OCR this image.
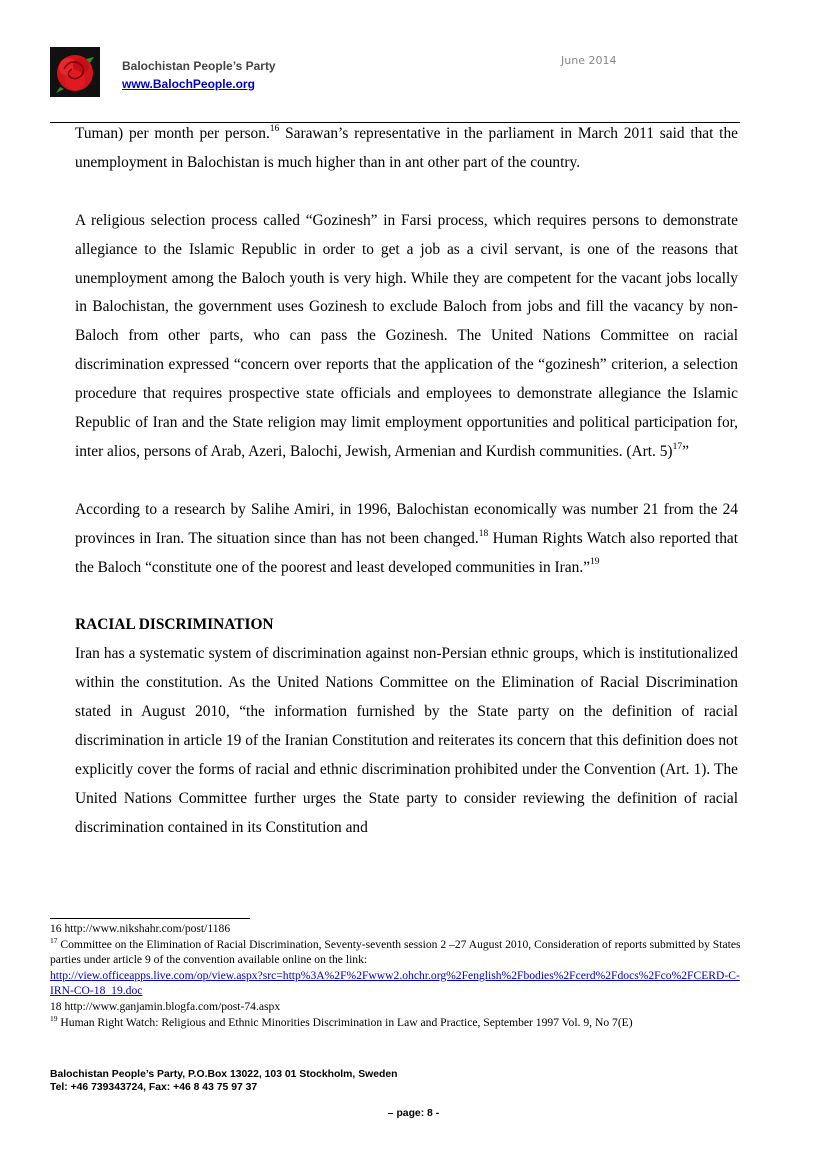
Balochistan People’s Party
www.BalochPeople.org
June 2014

Tuman) per month per person.$^{16}$ Sarawan’s representative in the parliament in March 2011 said that the unemployment in Balochistan is much higher than in ant other part of the country.

A religious selection process called “Gozinesh” in Farsi process, which requires persons to demonstrate allegiance to the Islamic Republic in order to get a job as a civil servant, is one of the reasons that unemployment among the Baloch youth is very high. While they are competent for the vacant jobs locally in Balochistan, the government uses Gozinesh to exclude Baloch from jobs and fill the vacancy by non-Baloch from other parts, who can pass the Gozinesh. The United Nations Committee on racial discrimination expressed “concern over reports that the application of the “gozinesh” criterion, a selection procedure that requires prospective state officials and employees to demonstrate allegiance the Islamic Republic of Iran and the State religion may limit employment opportunities and political participation for, inter alios, persons of Arab, Azeri, Balochi, Jewish, Armenian and Kurdish communities. (Art. 5)$^{17}$”

According to a research by Salihe Amiri, in 1996, Balochistan economically was number 21 from the 24 provinces in Iran. The situation since than has not been changed.$^{18}$ Human Rights Watch also reported that the Baloch “constitute one of the poorest and least developed communities in Iran.”$^{19}$

RACIAL DISCRIMINATION

Iran has a systematic system of discrimination against non-Persian ethnic groups, which is institutionalized within the constitution. As the United Nations Committee on the Elimination of Racial Discrimination stated in August 2010, “the information furnished by the State party on the definition of racial discrimination in article 19 of the Iranian Constitution and reiterates its concern that this definition does not explicitly cover the forms of racial and ethnic discrimination prohibited under the Convention (Art. 1). The United Nations Committee further urges the State party to consider reviewing the definition of racial discrimination contained in its Constitution and

16 http://www.nikshahr.com/post/1186

$^{17}$ Committee on the Elimination of Racial Discrimination, Seventy-seventh session 2 –27 August 2010, Consideration of reports submitted by States parties under article 9 of the convention available online on the link:
http://view.officeapps.live.com/op/view.aspx?src=http%3A%2F%2Fwww2.ohchr.org%2Fenglish%2Fbodies%2Fcerd%2Fdocs%2Fco%2FCERD-C-IRN-CO-18_19.doc

18 http://www.ganjamin.blogfa.com/post-74.aspx

$^{19}$ Human Right Watch: Religious and Ethnic Minorities Discrimination in Law and Practice, September 1997 Vol. 9, No 7(E)

Balochistan People’s Party, P.O.Box 13022, 103 01 Stockholm, Sweden

Tel: +46 739343724, Fax: +46 8 43 75 97 37

– page: 8 -
